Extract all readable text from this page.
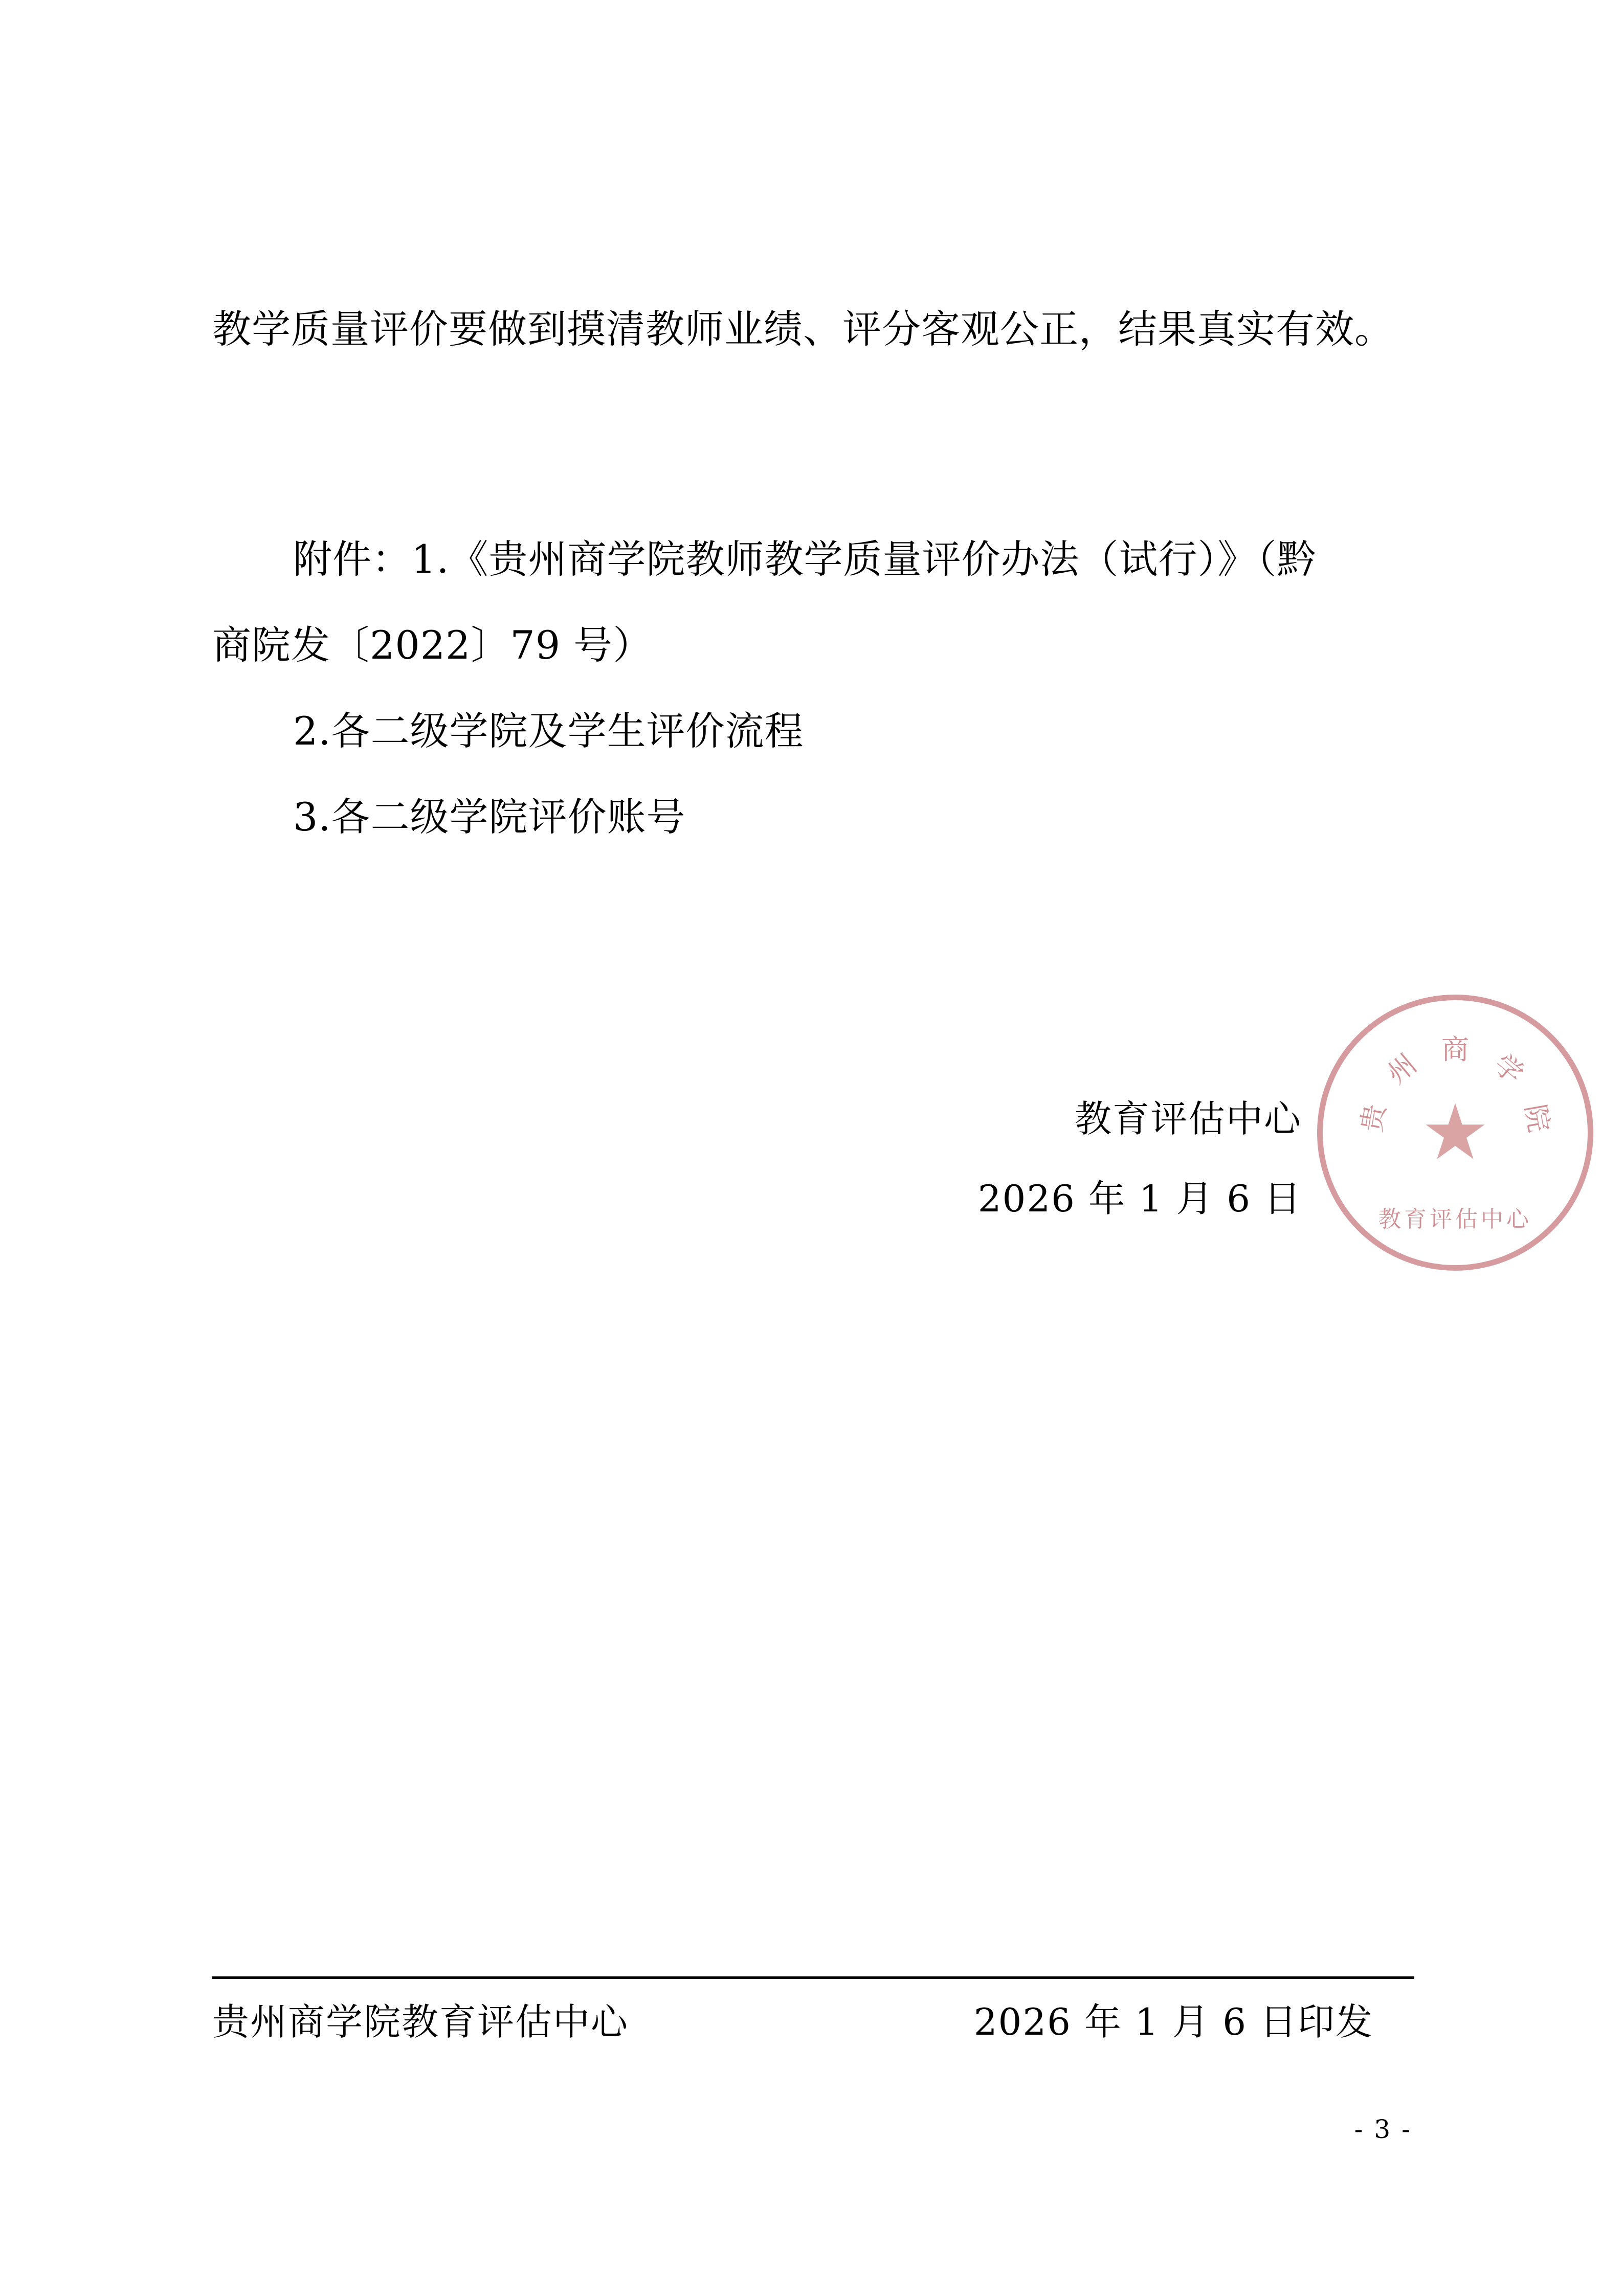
教学质量评价要做到摸清教师业绩、评分客观公正，结果真实有效。
附件：1.《贵州商学院教师教学质量评价办法（试行）》（黔
商院发〔2022〕79 号）
2.各二级学院及学生评价流程
3.各二级学院评价账号
教育评估中心
2026 年 1 月 6 日
贵
州 商 学
院
★
教育评估中心
贵州商学院教育评估中心	2026 年 1 月 6 日印发
- 3 -
